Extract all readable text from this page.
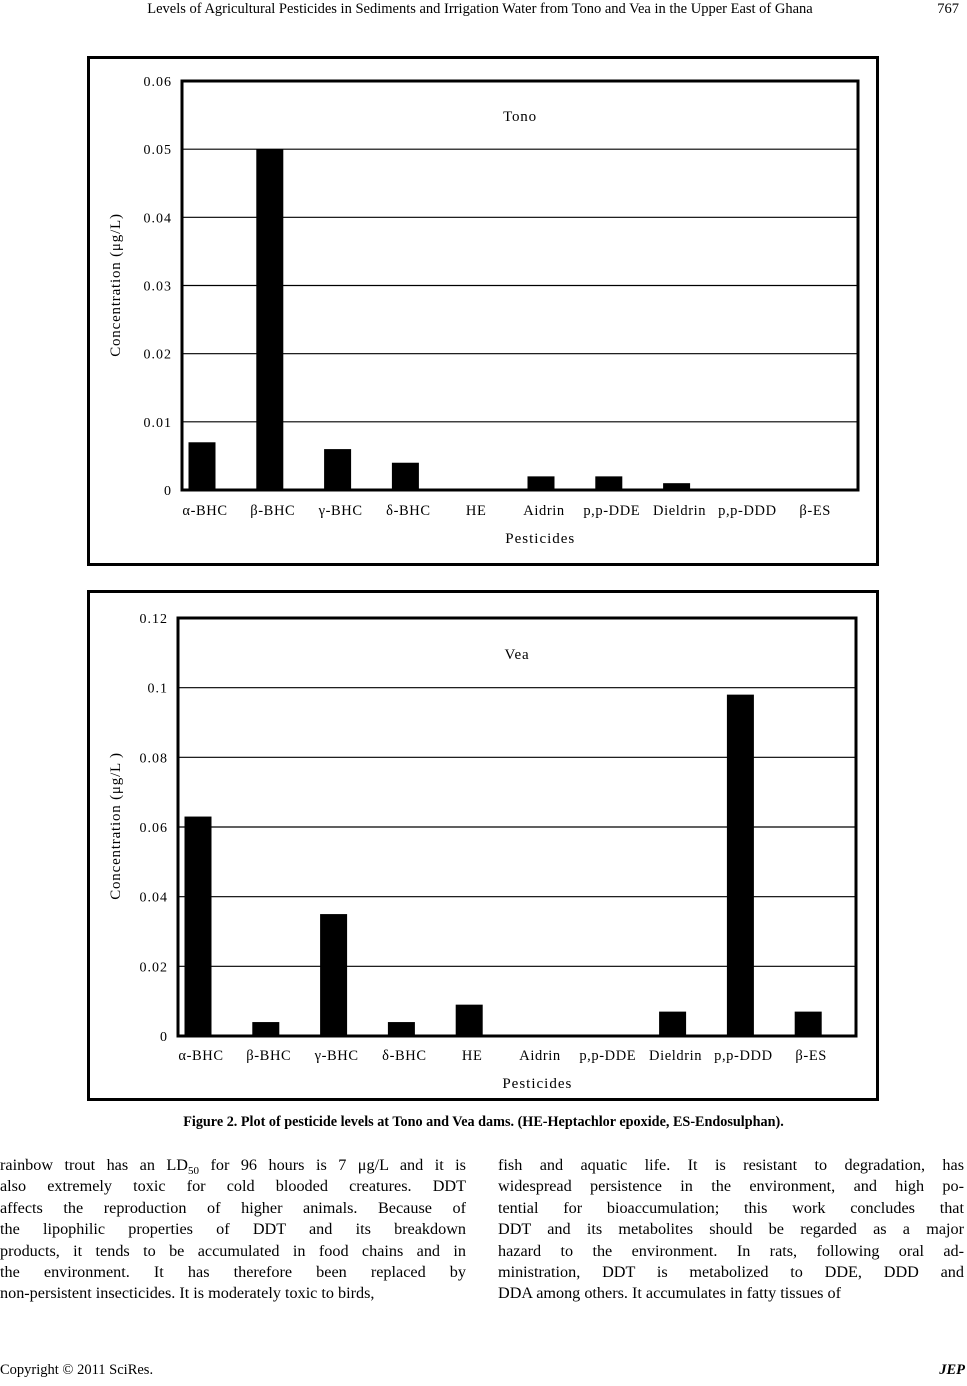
Levels of Agricultural Pesticides in Sediments and Irrigation Water from Tono and Vea in the Upper East of Ghana	767
0
0.01
0.02
0.03
0.04
0.05
0.06
α-BHC β-BHC γ-BHC δ-BHC HE	Aidrin p,p-DDE Dieldrin p,p-DDD β-ES
Tono
Pesticides
Concentration (μg/L)
0
0.02
0.04
0.06
0.08
0.1
0.12
α-BHC β-BHC γ-BHC δ-BHC HE	Aidrin p,p-DDE Dieldrin p,p-DDD β-ES
Vea
Pesticides
Concentration (μg/L )
Figure 2. Plot of pesticide levels at Tono and Vea dams. (HE-Heptachlor epoxide, ES-Endosulphan).
rainbow trout has an $LD_{50}$ for 96 hours is 7 μg/L and it is
also extremely toxic for cold blooded creatures. DDT
affects the reproduction of higher animals. Because of
the lipophilic properties of DDT and its breakdown
products, it tends to be accumulated in food chains and in
the environment. It has therefore been replaced by
non-persistent insecticides. It is moderately toxic to birds,
fish and aquatic life. It is resistant to degradation, has
widespread persistence in the environment, and high po-
tential for bioaccumulation; this work concludes that
DDT and its metabolites should be regarded as a major
hazard to the environment. In rats, following oral ad-
ministration, DDT is metabolized to DDE, DDD and
DDA among others. It accumulates in fatty tissues of
Copyright © 2011 SciRes.	JEP
